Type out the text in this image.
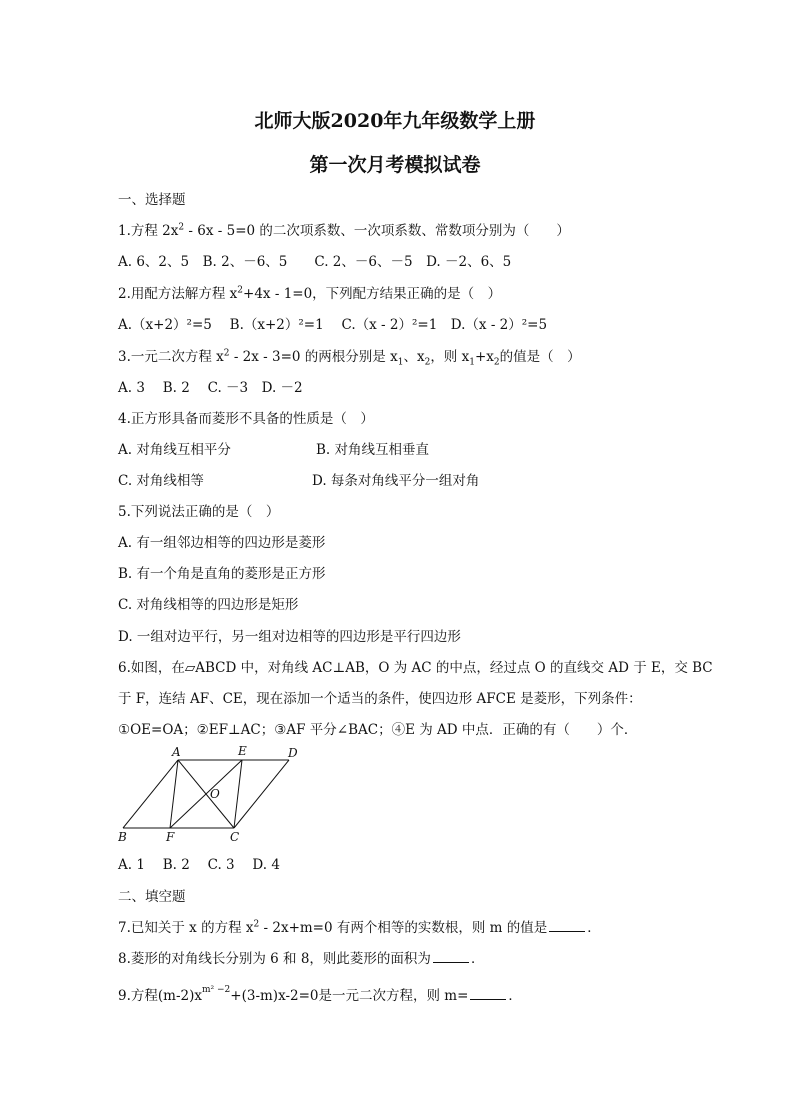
北师大版2020年九年级数学上册
第一次月考模拟试卷
一、选择题
1.方程 $2x^2 - 6x - 5=0$ 的二次项系数、一次项系数、常数项分别为（　　）
A. 6、2、5　B. 2、－6、5　　C. 2、－6、－5　D. －2、6、5
2.用配方法解方程 $x^2+4x - 1=0$，下列配方结果正确的是（　）
A.（x+2）²=5　 B.（x+2）²=1　 C.（x - 2）²=1　D.（x - 2）²=5
3.一元二次方程 $x^2 - 2x - 3=0$ 的两根分别是 $x_1$、$x_2$，则 $x_1+x_2$的值是（　）
A. 3　 B. 2　 C. －3　D. －2
4.正方形具备而菱形不具备的性质是（　）
A. 对角线互相平分	B. 对角线互相垂直
C. 对角线相等	D. 每条对角线平分一组对角
5.下列说法正确的是（　）
A. 有一组邻边相等的四边形是菱形
B. 有一个角是直角的菱形是正方形
C. 对角线相等的四边形是矩形
D. 一组对边平行，另一组对边相等的四边形是平行四边形
6.如图，在▱ABCD 中，对角线 AC⊥AB，O 为 AC 的中点，经过点 O 的直线交 AD 于 E，交 BC
于 F，连结 AF、CE，现在添加一个适当的条件，使四边形 AFCE 是菱形，下列条件：
①OE=OA；②EF⊥AC；③AF 平分∠BAC；④E 为 AD 中点．正确的有（　　）个．
A	E	D
O
B	F	C
A. 1　 B. 2　 C. 3　 D. 4
二、填空题
7.已知关于 x 的方程 $x^2 - 2x+m=0$ 有两个相等的实数根，则 m 的值是	．
8.菱形的对角线长分别为 6 和 8，则此菱形的面积为	．
9.方程$(m-2)x^{m^2 -2}+(3-m)x-2=0$是一元二次方程，则 m=	．
